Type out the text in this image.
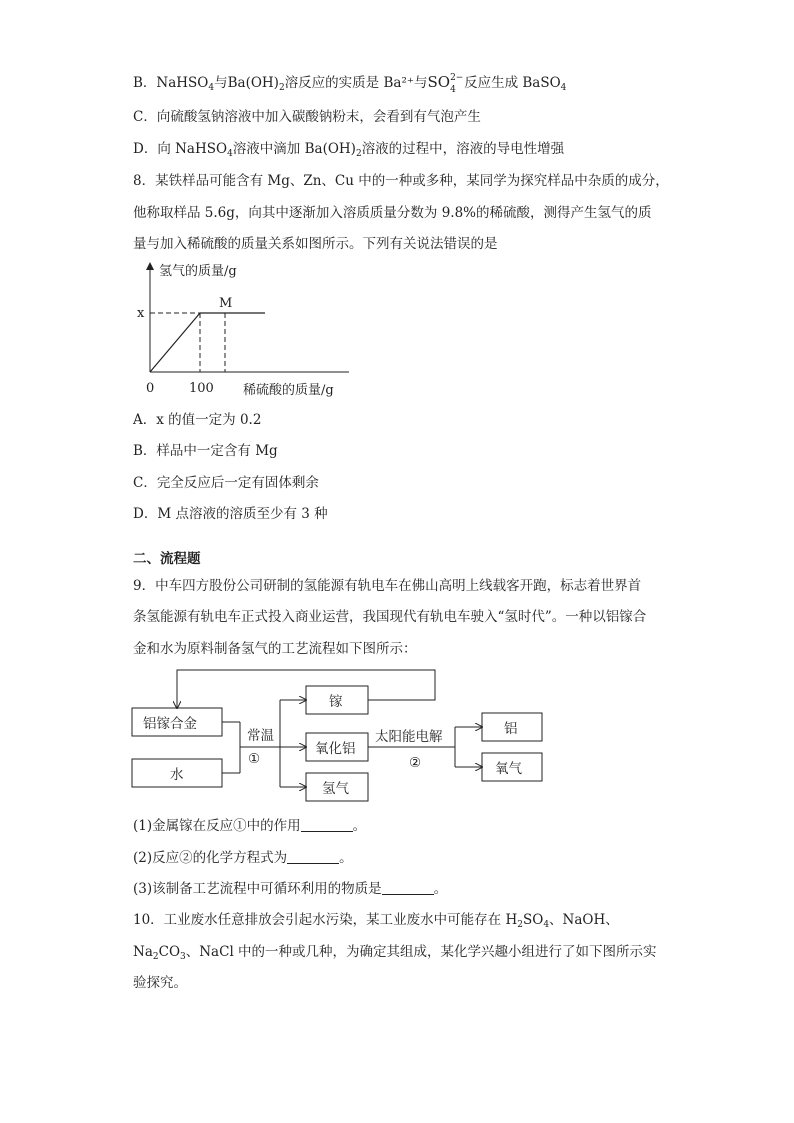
B．NaHSO$_4$与$Ba(OH)_2$溶反应的实质是 Ba²⁺与SO 2−
4 反应生成 BaSO$_4$
C．向硫酸氢钠溶液中加入碳酸钠粉末，会看到有气泡产生
D．向 NaHSO$_4$溶液中滴加 $Ba(OH)_2$溶液的过程中，溶液的导电性增强
8．某铁样品可能含有 Mg、Zn、Cu 中的一种或多种，某同学为探究样品中杂质的成分，
他称取样品 5.6g，向其中逐渐加入溶质质量分数为 9.8%的稀硫酸，测得产生氢气的质
量与加入稀硫酸的质量关系如图所示。下列有关说法错误的是
氢气的质量/g
稀硫酸的质量/g
0	100
x
M
A．x 的值一定为 0.2
B．样品中一定含有 Mg
C．完全反应后一定有固体剩余
D．M 点溶液的溶质至少有 3 种
二、流程题
9．中车四方股份公司研制的氢能源有轨电车在佛山高明上线载客开跑，标志着世界首
条氢能源有轨电车正式投入商业运营，我国现代有轨电车驶入“氢时代”。一种以铝镓合
金和水为原料制备氢气的工艺流程如下图所示：
铝镓合金
水
镓
氧化铝
氢气
铝
氧气
常温
①
太阳能电解
②
(1)金属镓在反应①中的作用	。
(2)反应②的化学方程式为	。
(3)该制备工艺流程中可循环利用的物质是	。
10．工业废水任意排放会引起水污染，某工业废水中可能存在 $H_2SO_4$、NaOH、
$Na_2CO_3$、NaCl 中的一种或几种，为确定其组成，某化学兴趣小组进行了如下图所示实
验探究。
